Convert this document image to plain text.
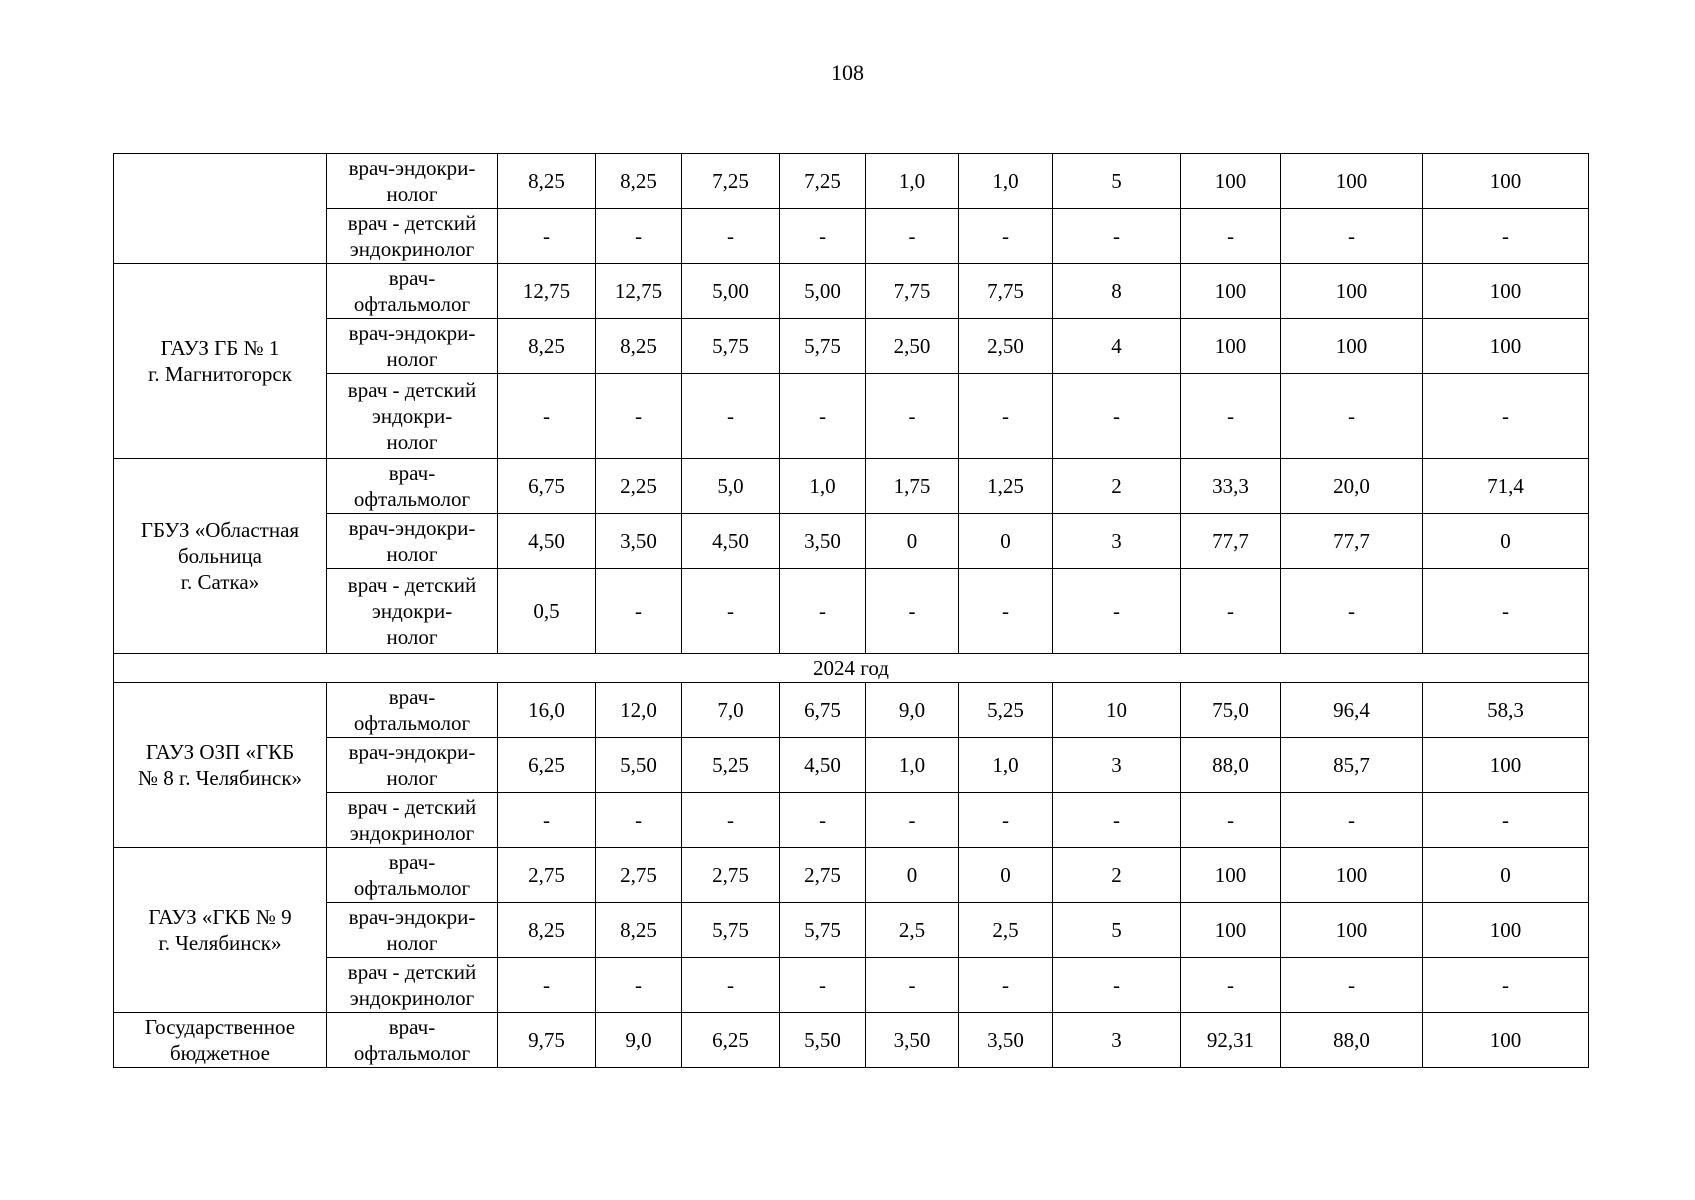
108
	врач-эндокри-
нолог	8,25	8,25	7,25	7,25	1,0	1,0	5	100	100	100
	врач - детский
эндокринолог	-	-	-	-	-	-	-	-	-	-
ГАУЗ ГБ № 1
г. Магнитогорск	врач-
офтальмолог	12,75	12,75	5,00	5,00	7,75	7,75	8	100	100	100
	врач-эндокри-
нолог	8,25	8,25	5,75	5,75	2,50	2,50	4	100	100	100
	врач - детский
эндокри-
нолог	-	-	-	-	-	-	-	-	-	-
ГБУЗ «Областная
больница
г. Сатка»	врач-
офтальмолог	6,75	2,25	5,0	1,0	1,75	1,25	2	33,3	20,0	71,4
	врач-эндокри-
нолог	4,50	3,50	4,50	3,50	0	0	3	77,7	77,7	0
	врач - детский
эндокри-
нолог	0,5	-	-	-	-	-	-	-	-	-
2024 год											
ГАУЗ ОЗП «ГКБ
№ 8 г. Челябинск»	врач-
офтальмолог	16,0	12,0	7,0	6,75	9,0	5,25	10	75,0	96,4	58,3
	врач-эндокри-
нолог	6,25	5,50	5,25	4,50	1,0	1,0	3	88,0	85,7	100
	врач - детский
эндокринолог	-	-	-	-	-	-	-	-	-	-
ГАУЗ «ГКБ № 9
г. Челябинск»	врач-
офтальмолог	2,75	2,75	2,75	2,75	0	0	2	100	100	0
	врач-эндокри-
нолог	8,25	8,25	5,75	5,75	2,5	2,5	5	100	100	100
	врач - детский
эндокринолог	-	-	-	-	-	-	-	-	-	-
Государственное
бюджетное	врач-
офтальмолог	9,75	9,0	6,25	5,50	3,50	3,50	3	92,31	88,0	100
